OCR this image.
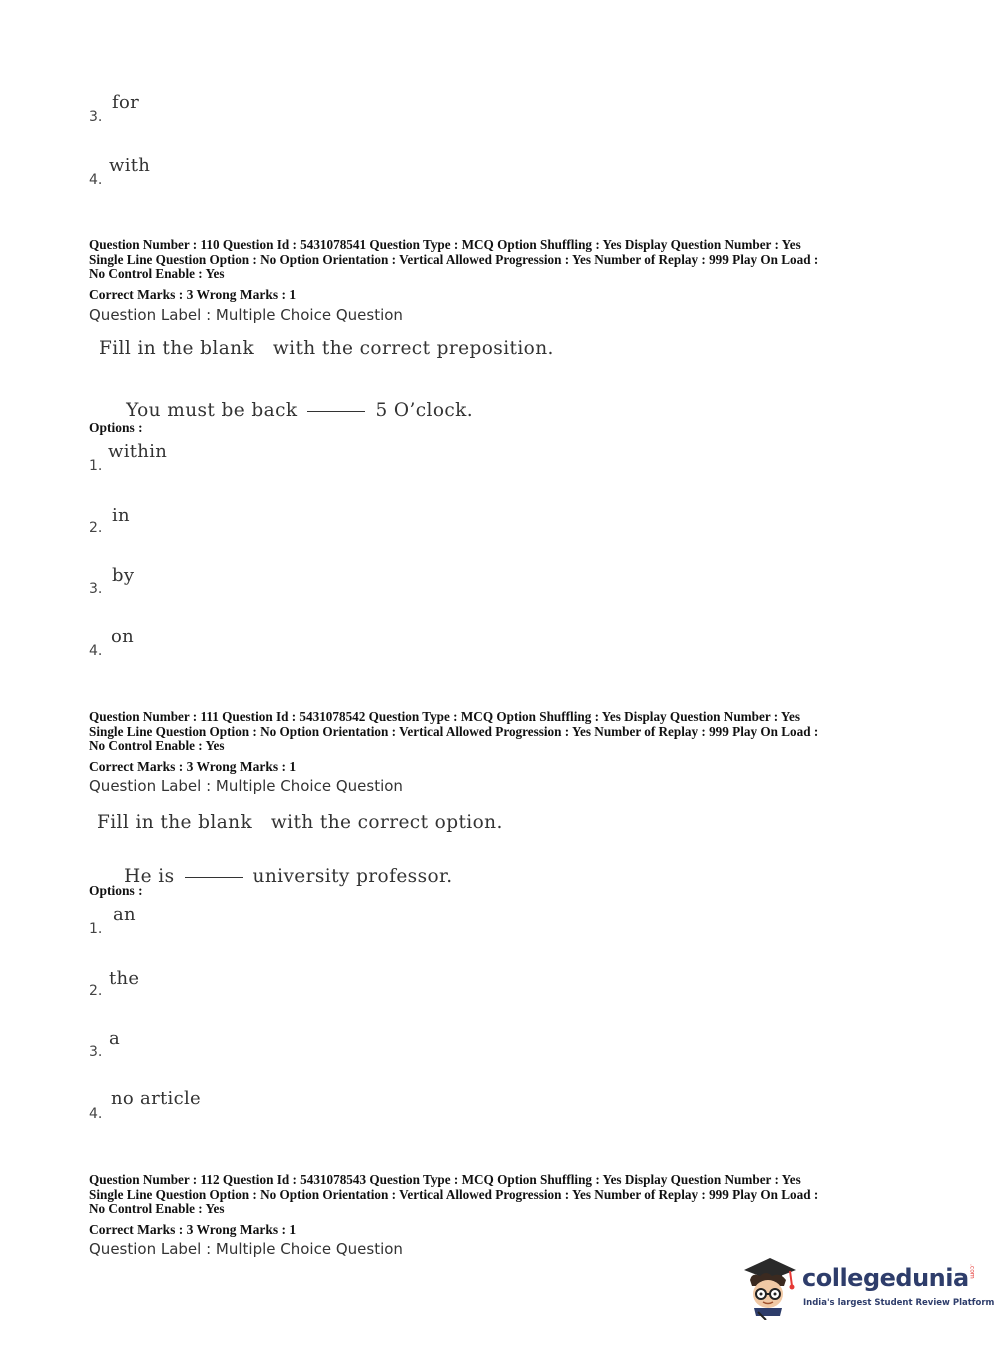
for
3.
with
4.
Question Number : 110 Question Id : 5431078541 Question Type : MCQ Option Shuffling : Yes Display Question Number : Yes
Single Line Question Option : No Option Orientation : Vertical Allowed Progression : Yes Number of Replay : 999 Play On Load :
No Control Enable : Yes
Correct Marks : 3 Wrong Marks : 1
Question Label : Multiple Choice Question
Fill in the blank   with the correct preposition.

You must be back	5 O’clock.

Options :
within
1.
in
2.
by
3.
on
4.
Question Number : 111 Question Id : 5431078542 Question Type : MCQ Option Shuffling : Yes Display Question Number : Yes
Single Line Question Option : No Option Orientation : Vertical Allowed Progression : Yes Number of Replay : 999 Play On Load :
No Control Enable : Yes
Correct Marks : 3 Wrong Marks : 1
Question Label : Multiple Choice Question
Fill in the blank   with the correct option.

He is	university professor.

Options :
an
1.
the
2.
a
3.
no article
4.
Question Number : 112 Question Id : 5431078543 Question Type : MCQ Option Shuffling : Yes Display Question Number : Yes
Single Line Question Option : No Option Orientation : Vertical Allowed Progression : Yes Number of Replay : 999 Play On Load :
No Control Enable : Yes
Correct Marks : 3 Wrong Marks : 1
Question Label : Multiple Choice Question
collegedunia.com
India's largest Student Review Platform
